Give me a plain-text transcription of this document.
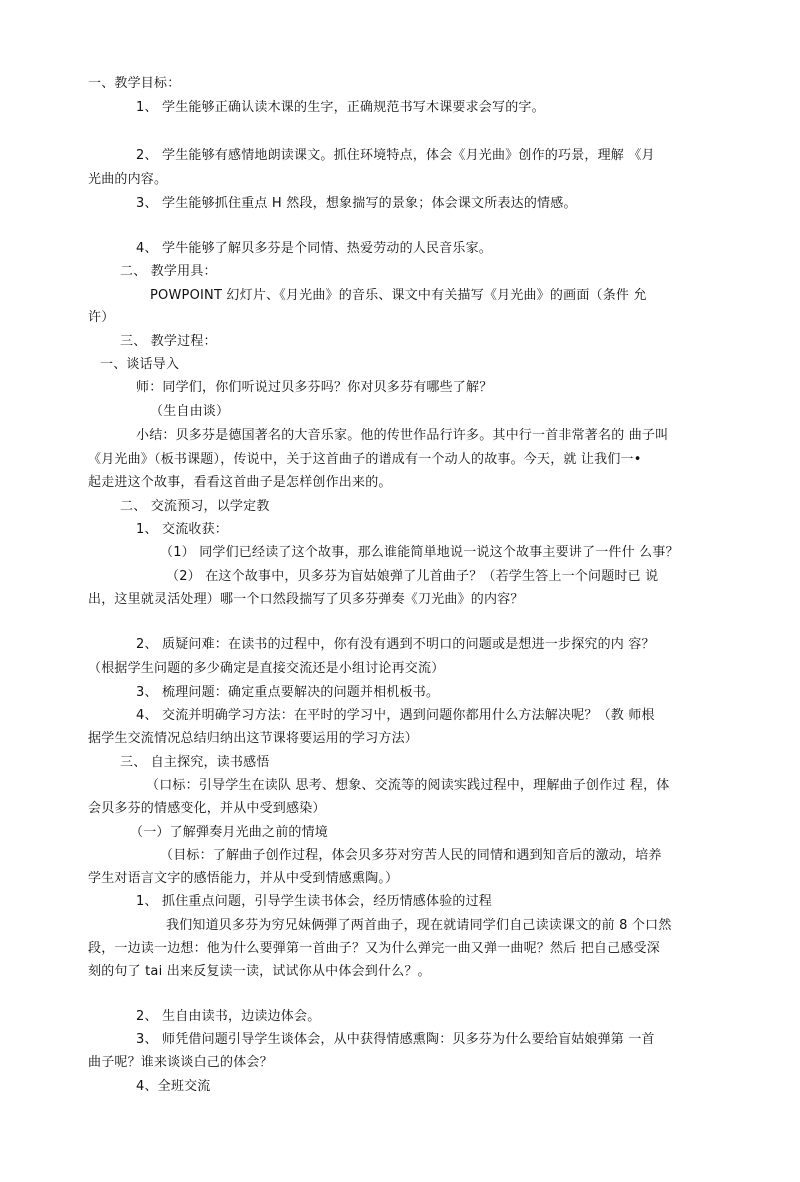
一、教学目标：
1、 学生能够正确认读木课的生字，正确规范书写木课要求会写的字。
2、 学生能够有感情地朗读课文。抓住环境特点，体会《月光曲》创作的巧景，理解 《月
光曲的内容。
3、 学生能够抓住重点 H 然段，想象揣写的景象；体会课文所表达的情感。
4、 学牛能够了解贝多芬是个同情、热爱劳动的人民音乐家。
二、 教学用具：
POWPOINT 幻灯片、《月光曲》的音乐、课文中有关描写《月光曲》的画面（条件 允
许）
三、 教学过程：
一、谈话导入
师：同学们，你们听说过贝多芬吗？你对贝多芬有哪些了解？
（生自由谈）
小结：贝多芬是德国著名的大音乐家。他的传世作品行许多。其中行一首非常著名的 曲子叫
《月光曲》（板书课题），传说中，关于这首曲子的谱成有一个动人的故事。今天，就 让我们一•
起走进这个故事，看看这首曲子是怎样创作出来的。
二、 交流预习，以学定教
1、 交流收获：
（1） 同学们已经读了这个故事，那么谁能简単地说一说这个故事主要讲了一件什 么事？
（2） 在这个故事中，贝多芬为盲姑娘弹了儿首曲子？（若学生答上一个问题时已 说
出，这里就灵活处理）哪一个口然段揣写了贝多芬弹奏《刀光曲》的内容？
2、 质疑问难：在读书的过程中，你有没有遇到不明口的问题或是想进一步探究的内 容？
（根据学生问题的多少确定是直接交流还是小组讨论再交流）
3、 梳理问题：确定重点要解决的问题并相机板书。
4、 交流并明确学习方法：在平时的学习屮，遇到问题你都用什么方法解决呢？（教 师根
据学生交流情况总结归纳出这节课将要运用的学习方法）
三、 自主探究，读书感悟
（口标：引导学生在读队 思考、想象、交流等的阅读实践过程中，理解曲子创作过 程，体
会贝多芬的情感变化，并从中受到感染）
（一）了解弾奏月光曲之前的情境
（目标：了解曲子创作过程，体会贝多芬对穷苦人民的同情和遇到知音后的激动，培养
学生对语言文字的感悟能力，并从中受到情感熏陶。）
1、 抓住重点问题，引导学生读书体会，经历情感体验的过程
我们知道贝多芬为穷兄妹俩弾了两首曲子，现在就请同学们自己读读课文的前 8 个口然
段，一边读一边想：他为什么要弾第一首曲子？又为什么弹完一曲又弹一曲呢？然后 把自己感受深
刻的句了 tai 出来反复读一读，试试你从中体会到什么？。
2、 生自由读书，边读边体会。
3、 师凭借问题引导学生谈体会，从中获得情感熏陶：贝多芬为什么要给盲姑娘弹第 一首
曲子呢？谁来谈谈白己的体会？
4、全班交流
